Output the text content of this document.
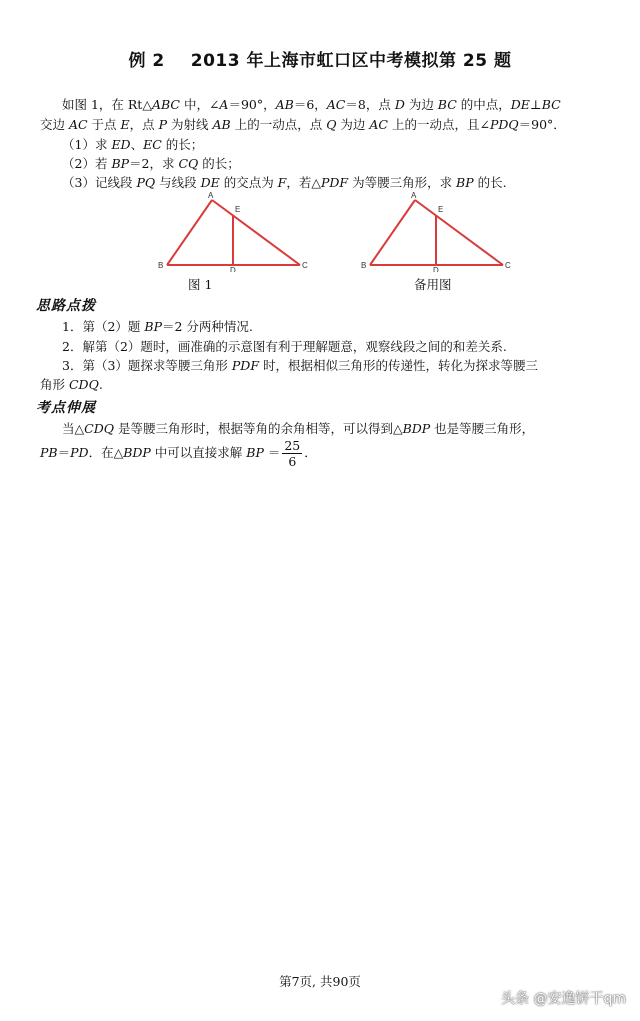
例 2 2013 年上海市虹口区中考模拟第 25 题
如图 1，在 Rt△ABC 中，∠A＝90°，AB＝6，AC＝8，点 D 为边 BC 的中点，DE⊥BC
交边 AC 于点 E，点 P 为射线 AB 上的一动点，点 Q 为边 AC 上的一动点，且∠PDQ＝90°．
（1）求 ED、EC 的长；
（2）若 BP＝2，求 CQ 的长；
（3）记线段 PQ 与线段 DE 的交点为 F，若△PDF 为等腰三角形，求 BP 的长.
A
E
B
D
C
图 1
A
E
B
D
C
备用图
思路点拨
1．第（2）题 BP＝2 分两种情况.
2．解第（2）题时，画准确的示意图有利于理解题意，观察线段之间的和差关系.
3．第（3）题探求等腰三角形 PDF 时，根据相似三角形的传递性，转化为探求等腰三
角形 CDQ.
考点伸展
当△CDQ 是等腰三角形时，根据等角的余角相等，可以得到△BDP 也是等腰三角形，
PB＝PD．在△BDP 中可以直接求解 BP ＝ $\frac{25}{6}$ ．
第7页, 共90页
头条 @安逸饼干qm
